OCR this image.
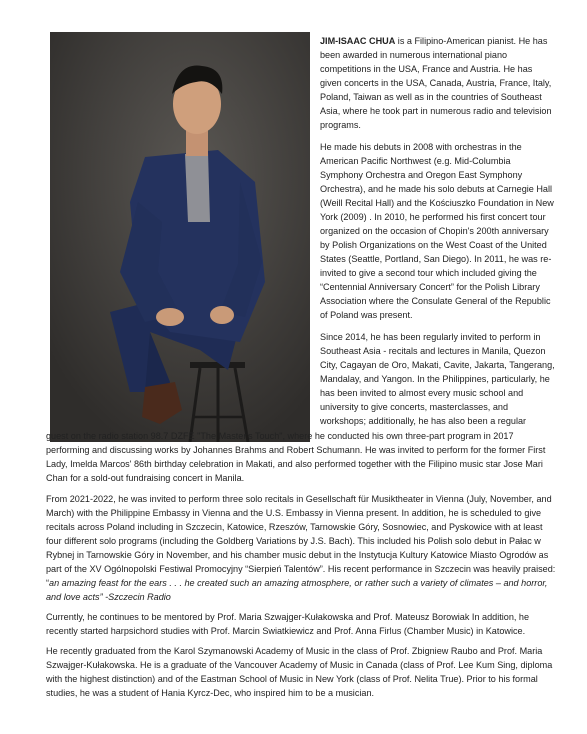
JIM-ISAAC CHUA is a Filipino-American pianist. He has been awarded in numerous international piano competitions in the USA, France and Austria. He has given concerts in the USA, Canada, Austria, France, Italy, Poland, Taiwan as well as in the countries of Southeast Asia, where he took part in numerous radio and television programs.

He made his debuts in 2008 with orchestras in the American Pacific Northwest (e.g. Mid-Columbia Symphony Orchestra and Oregon East Symphony Orchestra), and he made his solo debuts at Carnegie Hall (Weill Recital Hall) and the Kościuszko Foundation in New York (2009) . In 2010, he performed his first concert tour organized on the occasion of Chopin's 200th anniversary by Polish Organizations on the West Coast of the United States (Seattle, Portland, San Diego). In 2011, he was re-invited to give a second tour which included giving the “Centennial Anniversary Concert” for the Polish Library Association where the Consulate General of the Republic of Poland was present.

Since 2014, he has been regularly invited to perform in Southeast Asia - recitals and lectures in Manila, Quezon City, Cagayan de Oro, Makati, Cavite, Jakarta, Tangerang, Mandalay, and Yangon. In the Philippines, particularly, he has been invited to almost every music school and university to give concerts, masterclasses, and workshops; additionally, he has also been a regular

guest on the radio station 98.7 DZFE "The Master's Touch", where he conducted his own three-part program in 2017 performing and discussing works by Johannes Brahms and Robert Schumann. He was invited to perform for the former First Lady, Imelda Marcos' 86th birthday celebration in Makati, and also performed together with the Filipino music star Jose Mari Chan for a sold-out fundraising concert in Manila.

From 2021-2022, he was invited to perform three solo recitals in Gesellschaft für Musiktheater in Vienna (July, November, and March) with the Philippine Embassy in Vienna and the U.S. Embassy in Vienna present. In addition, he is scheduled to give recitals across Poland including in Szczecin, Katowice, Rzeszów, Tarnowskie Góry, Sosnowiec, and Pyskowice with at least four different solo programs (including the Goldberg Variations by J.S. Bach). This included his Polish solo debut in Pałac w Rybnej in Tarnowskie Góry in November, and his chamber music debut in the Instytucja Kultury Katowice Miasto Ogrodów as part of the XV Ogólnopolski Festiwal Promocyjny “Sierpień Talentów”. His recent performance in Szczecin was heavily praised: “an amazing feast for the ears . . . he created such an amazing atmosphere, or rather such a variety of climates – and horror, and love acts” -Szczecin Radio

Currently, he continues to be mentored by Prof. Maria Szwajger-Kułakowska and Prof. Mateusz Borowiak In addition, he recently started harpsichord studies with Prof. Marcin Swiatkiewicz and Prof. Anna Firlus (Chamber Music) in Katowice.

He recently graduated from the Karol Szymanowski Academy of Music in the class of Prof. Zbigniew Raubo and Prof. Maria Szwajger-Kułakowska. He is a graduate of the Vancouver Academy of Music in Canada (class of Prof. Lee Kum Sing, diploma with the highest distinction) and of the Eastman School of Music in New York (class of Prof. Nelita True). Prior to his formal studies, he was a student of Hania Kyrcz-Dec, who inspired him to be a musician.
